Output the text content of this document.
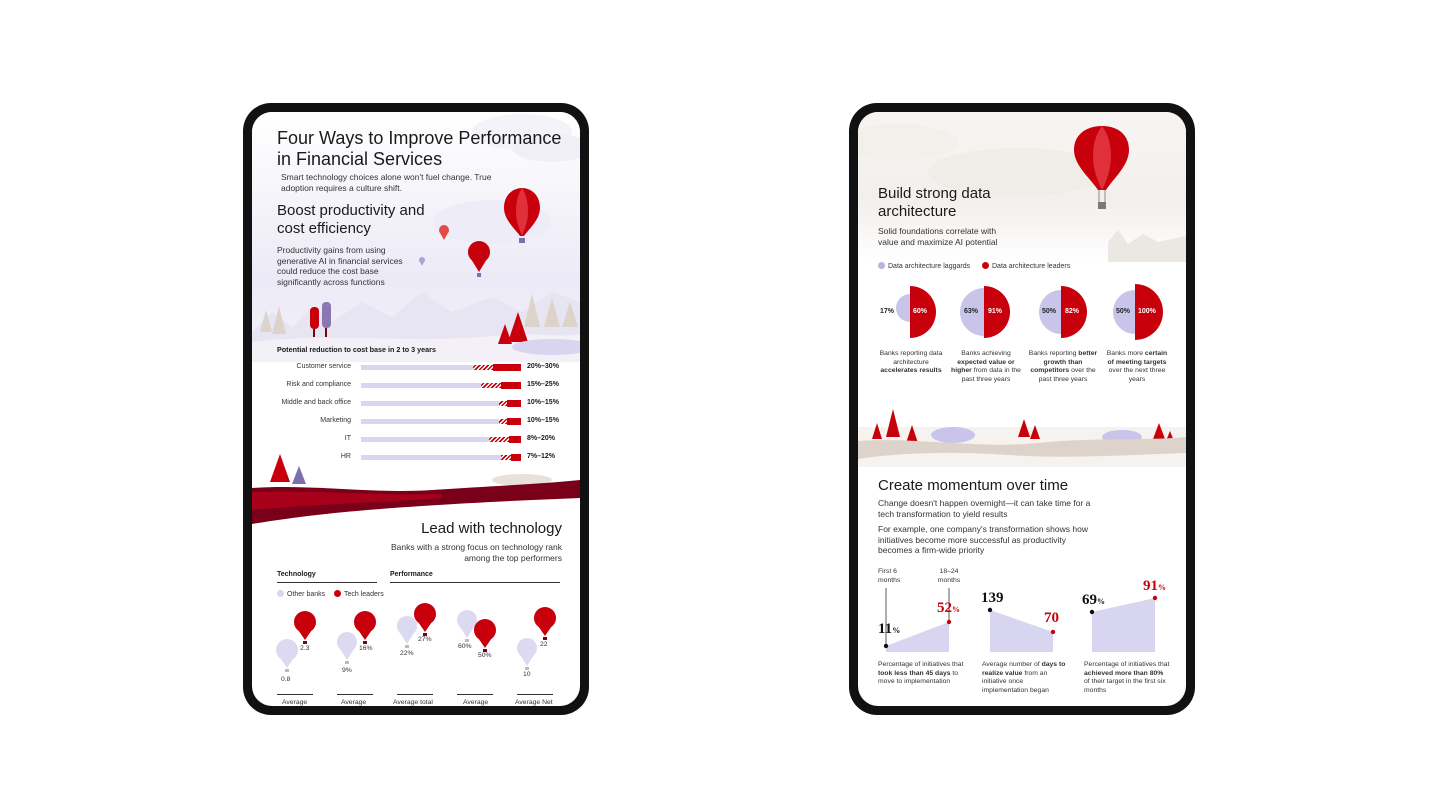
Four Ways to Improve Performance in Financial Services
Smart technology choices alone won't fuel change. True adoption requires a culture shift.
Boost productivity and cost efficiency
Productivity gains from using generative AI in financial services could reduce the cost base significantly across functions
Potential reduction to cost base in 2 to 3 years
Customer service	20%–30%
Risk and compliance	15%–25%
Middle and back office	10%–15%
Marketing	10%–15%
IT	8%–20%
HR	7%–12%
Lead with technology
Banks with a strong focus on technology rank among the top performers
Technology	Performance
Other banks	Tech leaders
0.8
2.3
9%
16%
22%
27%
60%
50%
10
22
Average	Average	Average total	Average	Average Net
Build strong data architecture
Solid foundations correlate with value and maximize AI potential
Data architecture laggards	Data architecture leaders
17%	60%	63% 91%	50% 82%	50% 100%
Banks reporting data architecture accelerates results
Banks achieving expected value or higher from data in the past three years
Banks reporting better growth than competitors over the past three years
Banks more certain of meeting targets over the next three years
Create momentum over time
Change doesn't happen overnight—it can take time for a tech transformation to yield results
For example, one company's transformation shows how initiatives become more successful as productivity becomes a firm-wide priority
First 6 months
18–24 months
11%
52%
139
70
69%
91%
Percentage of initiatives that took less than 45 days to move to implementation
Average number of days to realize value from an initiative once implementation began
Percentage of initiatives that achieved more than 80% of their target in the first six months
